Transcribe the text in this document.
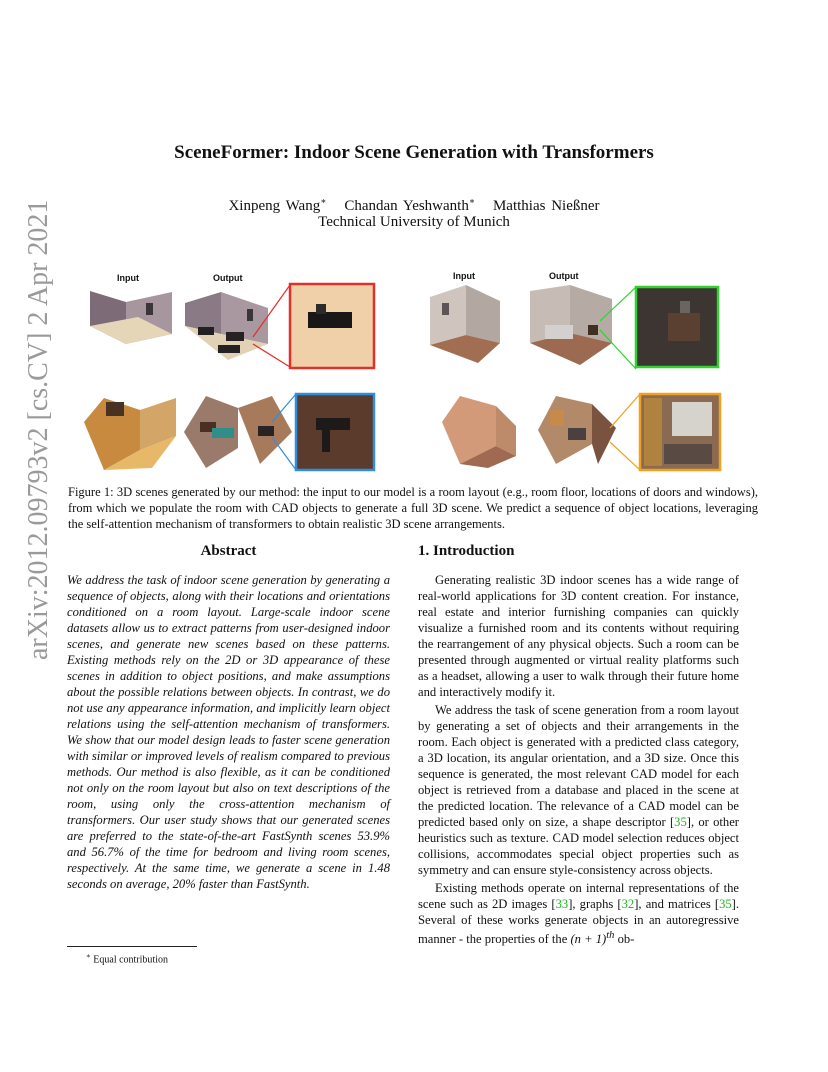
SceneFormer: Indoor Scene Generation with Transformers
Xinpeng Wang∗ Chandan Yeshwanth∗ Matthias Nießner
Technical University of Munich
arXiv:2012.09793v2 [cs.CV] 2 Apr 2021	Input	Output	Input	Output
Figure 1: 3D scenes generated by our method: the input to our model is a room layout (e.g., room floor, locations of doors and windows), from which we populate the room with CAD objects to generate a full 3D scene. We predict a sequence of object locations, leveraging the self-attention mechanism of transformers to obtain realistic 3D scene arrangements.
Abstract
We address the task of indoor scene generation by generating a sequence of objects, along with their locations and orientations conditioned on a room layout. Large-scale indoor scene datasets allow us to extract patterns from user-designed indoor scenes, and generate new scenes based on these patterns. Existing methods rely on the 2D or 3D appearance of these scenes in addition to object positions, and make assumptions about the possible relations between objects. In contrast, we do not use any appearance information, and implicitly learn object relations using the self-attention mechanism of transformers. We show that our model design leads to faster scene generation with similar or improved levels of realism compared to previous methods. Our method is also flexible, as it can be conditioned not only on the room layout but also on text descriptions of the room, using only the cross-attention mechanism of transformers. Our user study shows that our generated scenes are preferred to the state-of-the-art FastSynth scenes 53.9% and 56.7% of the time for bedroom and living room scenes, respectively. At the same time, we generate a scene in 1.48 seconds on average, 20% faster than FastSynth.
1. Introduction

Generating realistic 3D indoor scenes has a wide range of real-world applications for 3D content creation. For instance, real estate and interior furnishing companies can quickly visualize a furnished room and its contents without requiring the rearrangement of any physical objects. Such a room can be presented through augmented or virtual reality platforms such as a headset, allowing a user to walk through their future home and interactively modify it.

We address the task of scene generation from a room layout by generating a set of objects and their arrangements in the room. Each object is generated with a predicted class category, a 3D location, its angular orientation, and a 3D size. Once this sequence is generated, the most relevant CAD model for each object is retrieved from a database and placed in the scene at the predicted location. The relevance of a CAD model can be predicted based only on size, a shape descriptor [35], or other heuristics such as texture. CAD model selection reduces object collisions, accommodates special object properties such as symmetry and can ensure style-consistency across objects.

Existing methods operate on internal representations of the scene such as 2D images [33], graphs [32], and matrices [35]. Several of these works generate objects in an autoregressive manner - the properties of the $(n + 1)^{th}$ ob-

∗ Equal contribution
